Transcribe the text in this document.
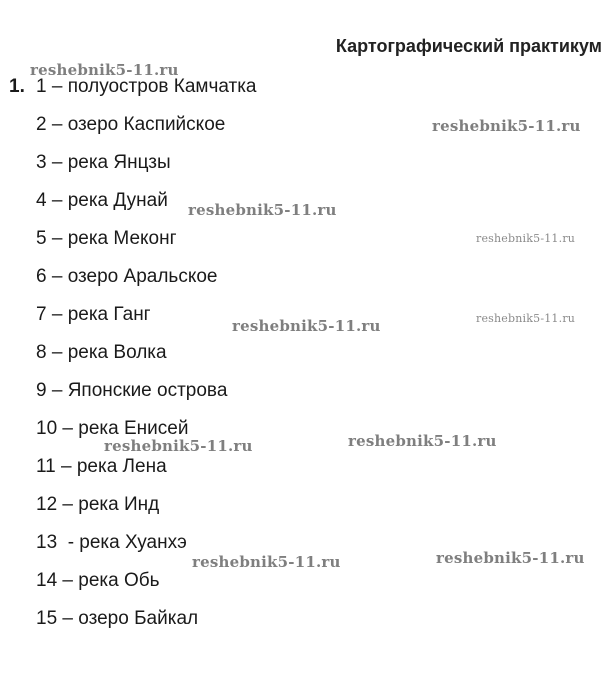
Картографический практикум
1. 1 – полуостров Камчатка
2 – озеро Каспийское
3 – река Янцзы
4 – река Дунай
5 – река Меконг
6 – озеро Аральское
7 – река Ганг
8 – река Волка
9 – Японские острова
10 – река Енисей
11 – река Лена
12 – река Инд
13  - река Хуанхэ
14 – река Обь
15 – озеро Байкал
reshebnik5-11.ru
reshebnik5-11.ru
reshebnik5-11.ru
reshebnik5-11.ru
reshebnik5-11.ru	reshebnik5-11.ru
reshebnik5-11.ru
reshebnik5-11.ru
reshebnik5-11.ru
reshebnik5-11.ru
